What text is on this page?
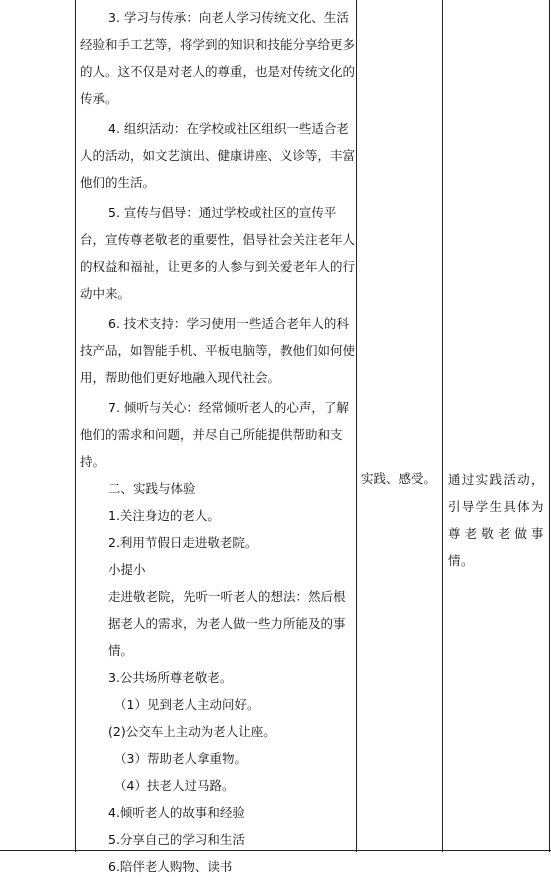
3. 学习与传承：向老人学习传统文化、生活经验和手工艺等，将学到的知识和技能分享给更多的人。这不仅是对老人的尊重，也是对传统文化的传承。

4. 组织活动：在学校或社区组织一些适合老人的活动，如文艺演出、健康讲座、义诊等，丰富他们的生活。

5. 宣传与倡导：通过学校或社区的宣传平台，宣传尊老敬老的重要性，倡导社会关注老年人的权益和福祉，让更多的人参与到关爱老年人的行动中来。

6. 技术支持：学习使用一些适合老年人的科技产品，如智能手机、平板电脑等，教他们如何使用，帮助他们更好地融入现代社会。

7. 倾听与关心：经常倾听老人的心声，了解他们的需求和问题，并尽自己所能提供帮助和支持。

二、实践与体验

1.关注身边的老人。

2.利用节假日走进敬老院。

小提小

走进敬老院，先听一听老人的想法：然后根据老人的需求，为老人做一些力所能及的事情。

3.公共场所尊老敬老。

（1）见到老人主动问好。

(2)公交车上主动为老人让座。

（3）帮助老人拿重物。

（4）扶老人过马路。

4.倾听老人的故事和经验

5.分享自己的学习和生活

6.陪伴老人购物、读书

实践、感受。 通过实践活动，引导学生具体为尊老敬老做事情。
